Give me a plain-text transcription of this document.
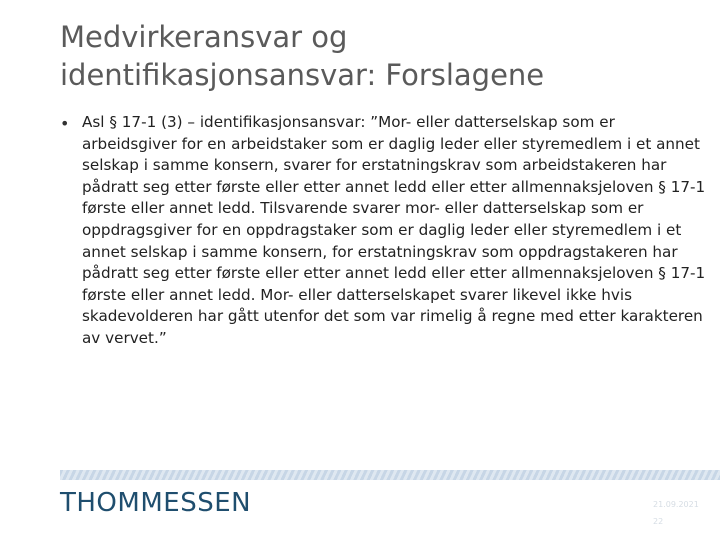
Medvirkeransvar og
identifikasjonsansvar: Forslagene
• Asl § 17-1 (3) – identifikasjonsansvar: ”Mor- eller datterselskap som er arbeidsgiver for en arbeidstaker som er daglig leder eller styremedlem i et annet selskap i samme konsern, svarer for erstatningskrav som arbeidstakeren har pådratt seg etter første eller etter annet ledd eller etter allmennaksjeloven § 17-1 første eller annet ledd. Tilsvarende svarer mor- eller datterselskap som er oppdragsgiver for en oppdragstaker som er daglig leder eller styremedlem i et annet selskap i samme konsern, for erstatningskrav som oppdragstakeren har pådratt seg etter første eller etter annet ledd eller etter allmennaksjeloven § 17-1 første eller annet ledd. Mor- eller datterselskapet svarer likevel ikke hvis skadevolderen har gått utenfor det som var rimelig å regne med etter karakteren av vervet.”
THOMMESSEN	21.09.2021
22
